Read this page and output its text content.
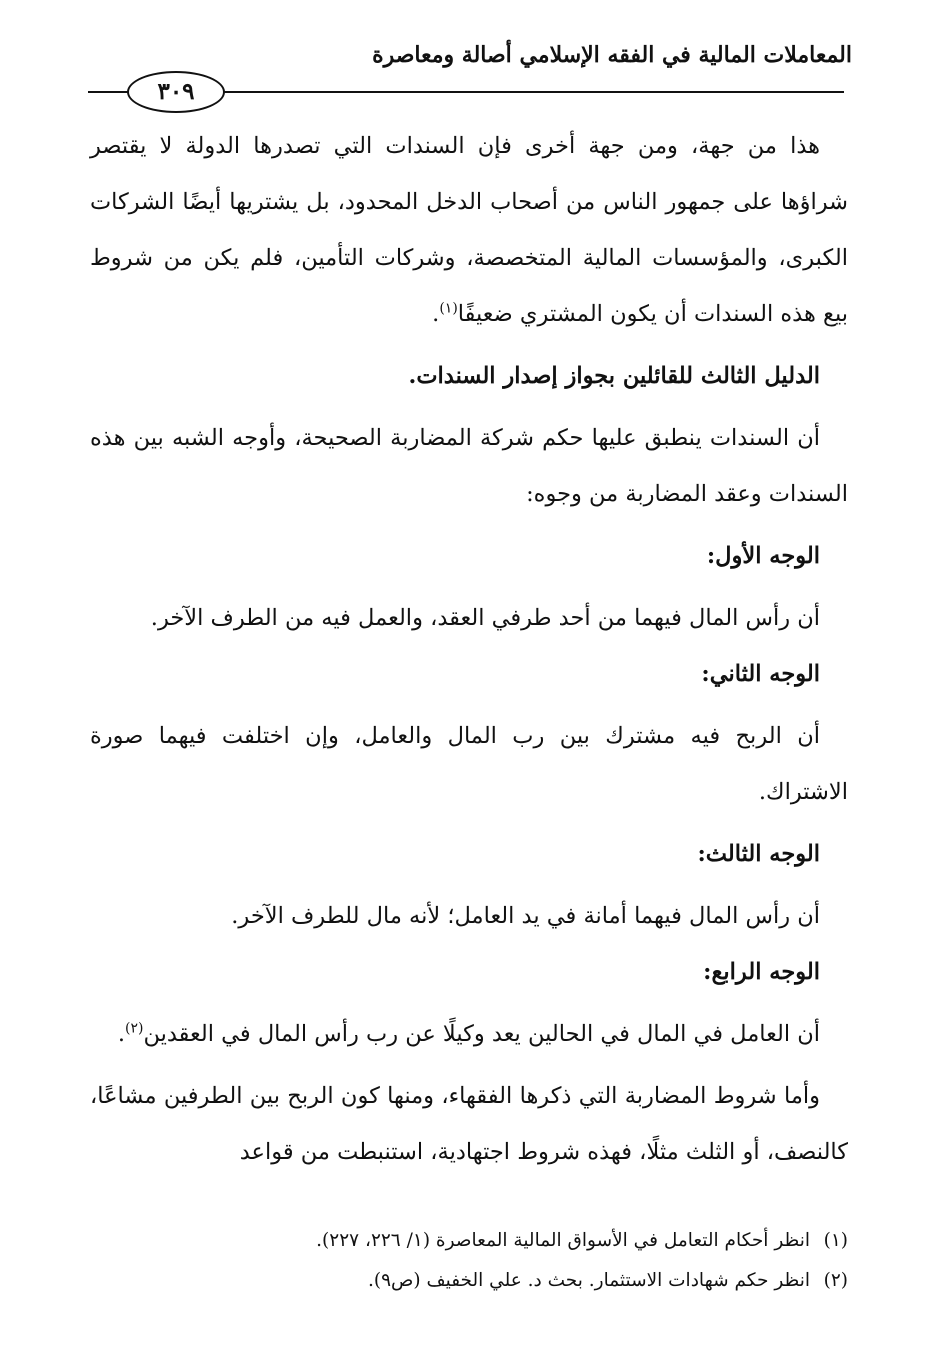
المعاملات المالية في الفقه الإسلامي أصالة ومعاصرة
٣٠٩

هذا من جهة، ومن جهة أخرى فإن السندات التي تصدرها الدولة لا يقتصر شراؤها على جمهور الناس من أصحاب الدخل المحدود، بل يشتريها أيضًا الشركات الكبرى، والمؤسسات المالية المتخصصة، وشركات التأمين، فلم يكن من شروط بيع هذه السندات أن يكون المشتري ضعيفًا$^{(١)}$.

الدليل الثالث للقائلين بجواز إصدار السندات.

أن السندات ينطبق عليها حكم شركة المضاربة الصحيحة، وأوجه الشبه بين هذه السندات وعقد المضاربة من وجوه:

الوجه الأول:

أن رأس المال فيهما من أحد طرفي العقد، والعمل فيه من الطرف الآخر.

الوجه الثاني:

أن الربح فيه مشترك بين رب المال والعامل، وإن اختلفت فيهما صورة الاشتراك.

الوجه الثالث:

أن رأس المال فيهما أمانة في يد العامل؛ لأنه مال للطرف الآخر.

الوجه الرابع:

أن العامل في المال في الحالين يعد وكيلًا عن رب رأس المال في العقدين$^{(٢)}$.

وأما شروط المضاربة التي ذكرها الفقهاء، ومنها كون الربح بين الطرفين مشاعًا، كالنصف، أو الثلث مثلًا، فهذه شروط اجتهادية، استنبطت من قواعد

(١)انظر أحكام التعامل في الأسواق المالية المعاصرة (١/ ٢٢٦، ٢٢٧).

(٢)انظر حكم شهادات الاستثمار. بحث د. علي الخفيف (ص٩).
